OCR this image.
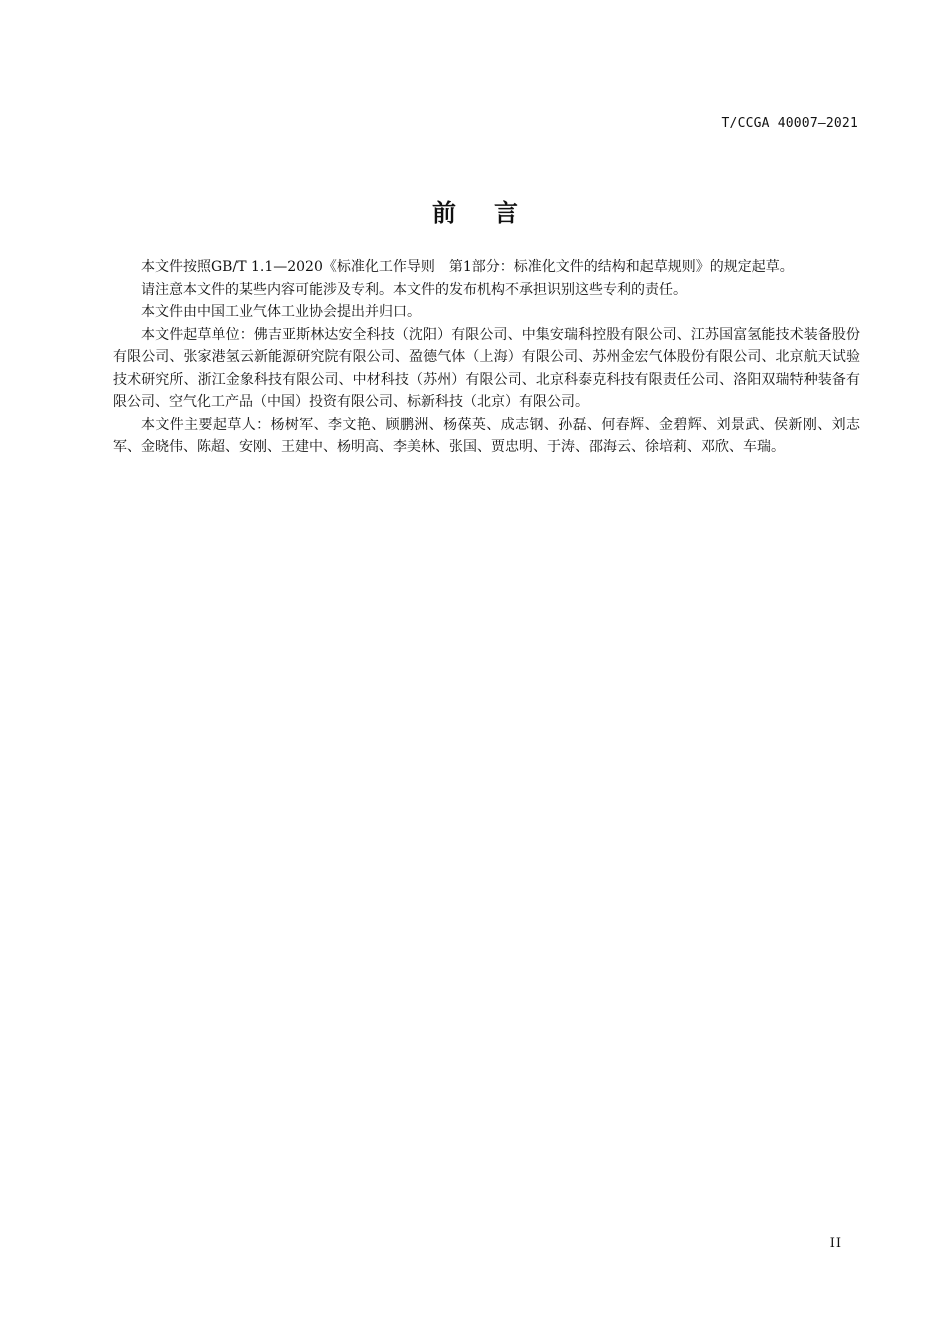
T/CCGA 40007—2021
前言

本文件按照GB/T 1.1—2020《标准化工作导则　第1部分：标准化文件的结构和起草规则》的规定起草。

请注意本文件的某些内容可能涉及专利。本文件的发布机构不承担识别这些专利的责任。

本文件由中国工业气体工业协会提出并归口。

本文件起草单位：佛吉亚斯林达安全科技（沈阳）有限公司、中集安瑞科控股有限公司、江苏国富氢能技术装备股份有限公司、张家港氢云新能源研究院有限公司、盈德气体（上海）有限公司、苏州金宏气体股份有限公司、北京航天试验技术研究所、浙江金象科技有限公司、中材科技（苏州）有限公司、北京科泰克科技有限责任公司、洛阳双瑞特种装备有限公司、空气化工产品（中国）投资有限公司、标新科技（北京）有限公司。

本文件主要起草人：杨树军、李文艳、顾鹏洲、杨葆英、成志钢、孙磊、何春辉、金碧辉、刘景武、侯新刚、刘志军、金晓伟、陈超、安刚、王建中、杨明高、李美林、张国、贾忠明、于涛、邵海云、徐培莉、邓欣、车瑞。

II
